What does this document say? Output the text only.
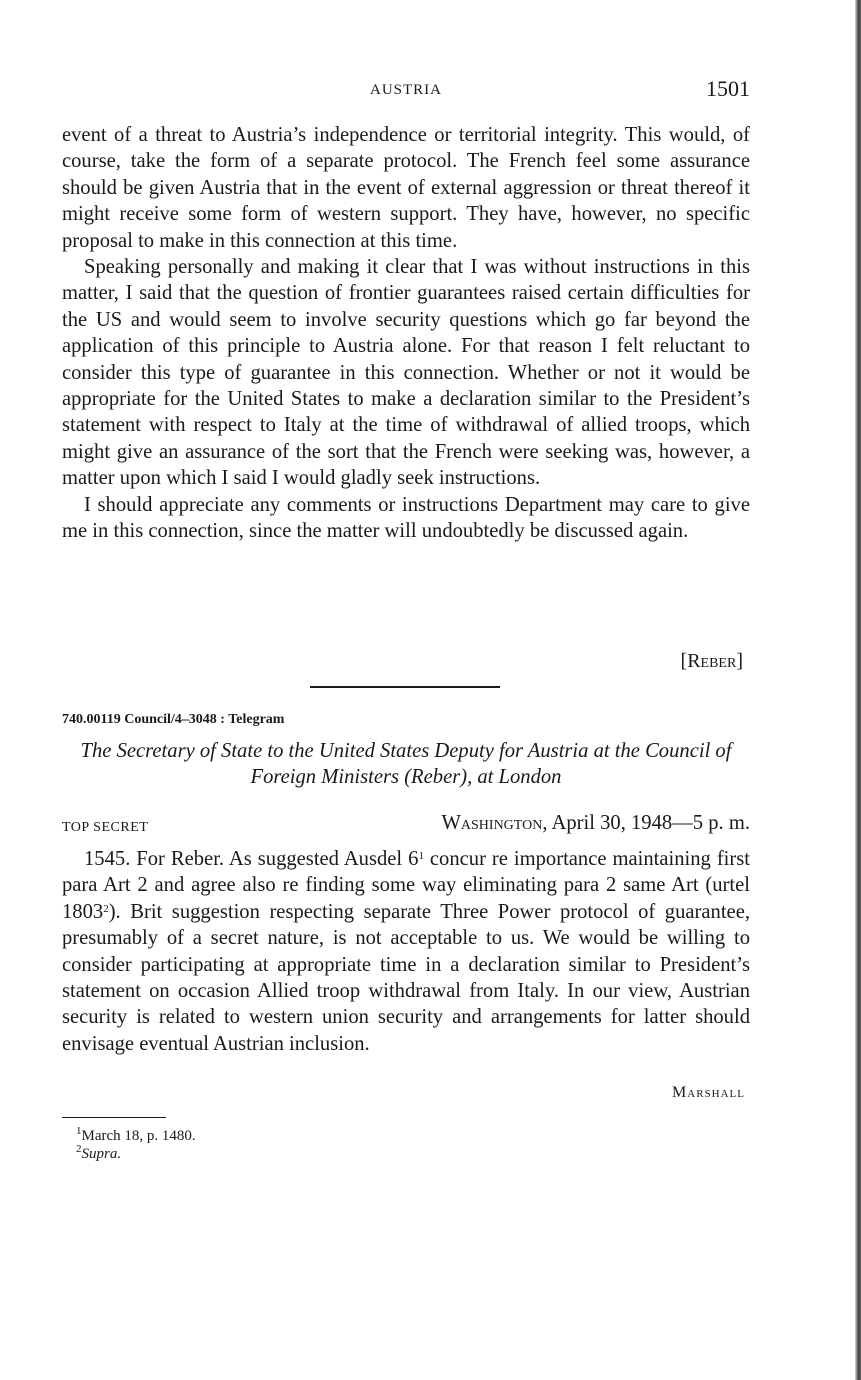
AUSTRIA	1501

event of a threat to Austria’s independence or territorial integrity. This would, of course, take the form of a separate protocol. The French feel some assurance should be given Austria that in the event of external aggression or threat thereof it might receive some form of western support. They have, however, no specific proposal to make in this connection at this time.

Speaking personally and making it clear that I was without instructions in this matter, I said that the question of frontier guarantees raised certain difficulties for the US and would seem to involve security questions which go far beyond the application of this principle to Austria alone. For that reason I felt reluctant to consider this type of guarantee in this connection. Whether or not it would be appropriate for the United States to make a declaration similar to the President’s statement with respect to Italy at the time of withdrawal of allied troops, which might give an assurance of the sort that the French were seeking was, however, a matter upon which I said I would gladly seek instructions.

I should appreciate any comments or instructions Department may care to give me in this connection, since the matter will undoubtedly be discussed again.

[Reber]
740.00119 Council/4–3048 : Telegram
The Secretary of State to the United States Deputy for Austria at the Council of Foreign Ministers (Reber), at London
TOP SECRET	Washington, April 30, 1948—5 p. m.

1545. For Reber. As suggested Ausdel $6^1$ concur re importance maintaining first para Art 2 and agree also re finding some way eliminating para 2 same Art (urtel 1803$^2$). Brit suggestion respecting separate Three Power protocol of guarantee, presumably of a secret nature, is not acceptable to us. We would be willing to consider participating at appropriate time in a declaration similar to President’s statement on occasion Allied troop withdrawal from Italy. In our view, Austrian security is related to western union security and arrangements for latter should envisage eventual Austrian inclusion.

Marshall
$^1$March 18, p. 1480.
$^2$Supra.
